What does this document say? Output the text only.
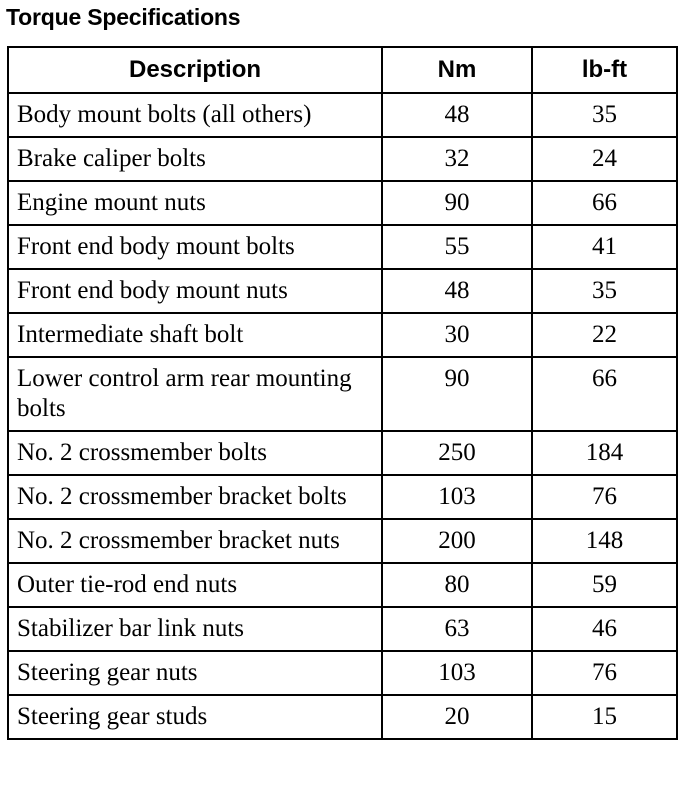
Torque Specifications
Description	Nm	lb-ft
Body mount bolts (all others)	48	35
Brake caliper bolts	32	24
Engine mount nuts	90	66
Front end body mount bolts	55	41
Front end body mount nuts	48	35
Intermediate shaft bolt	30	22
Lower control arm rear mounting bolts	90	66
No. 2 crossmember bolts	250	184
No. 2 crossmember bracket bolts	103	76
No. 2 crossmember bracket nuts	200	148
Outer tie-rod end nuts	80	59
Stabilizer bar link nuts	63	46
Steering gear nuts	103	76
Steering gear studs	20	15
